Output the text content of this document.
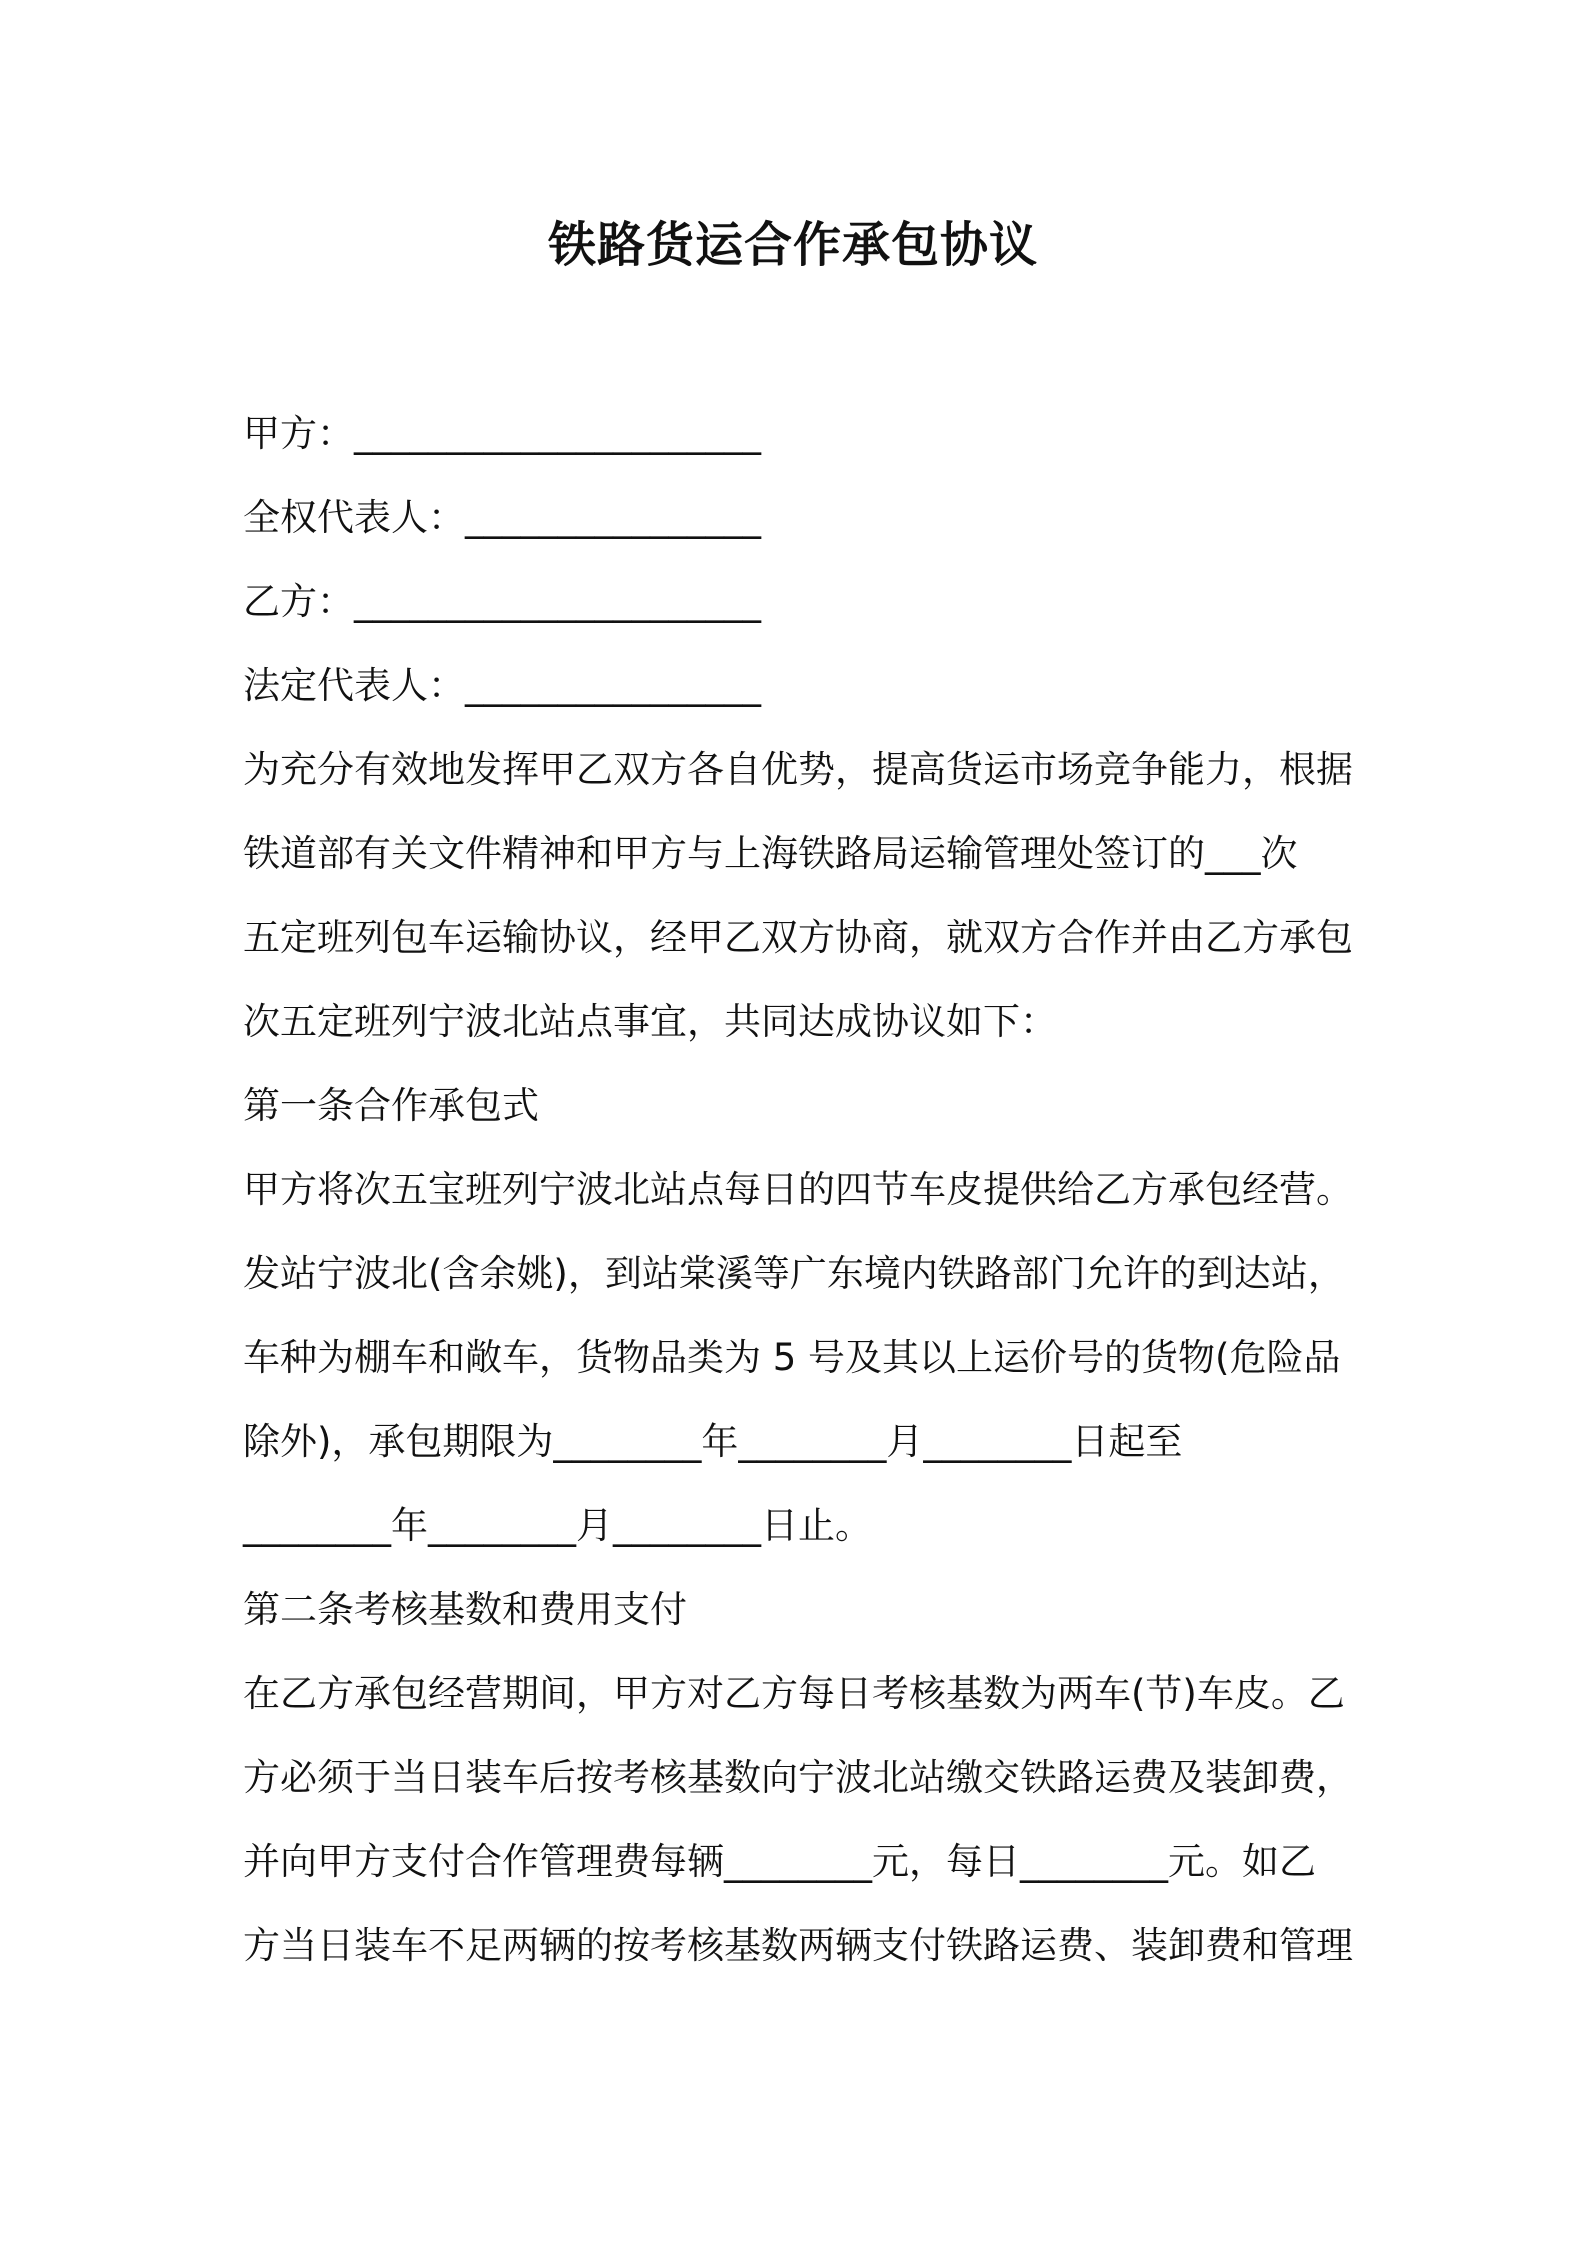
铁路货运合作承包协议

甲方：______________________

全权代表人：________________

乙方：______________________

法定代表人：________________

为充分有效地发挥甲乙双方各自优势，提高货运市场竞争能力，根据

铁道部有关文件精神和甲方与上海铁路局运输管理处签订的___次

五定班列包车运输协议，经甲乙双方协商，就双方合作并由乙方承包

次五定班列宁波北站点事宜，共同达成协议如下：

第一条合作承包式

甲方将次五宝班列宁波北站点每日的四节车皮提供给乙方承包经营。

发站宁波北(含余姚)，到站棠溪等广东境内铁路部门允许的到达站，

车种为棚车和敞车，货物品类为 5 号及其以上运价号的货物(危险品

除外)，承包期限为________年________月________日起至

________年________月________日止。

第二条考核基数和费用支付

在乙方承包经营期间，甲方对乙方每日考核基数为两车(节)车皮。乙

方必须于当日装车后按考核基数向宁波北站缴交铁路运费及装卸费，

并向甲方支付合作管理费每辆________元，每日________元。如乙

方当日装车不足两辆的按考核基数两辆支付铁路运费、装卸费和管理
